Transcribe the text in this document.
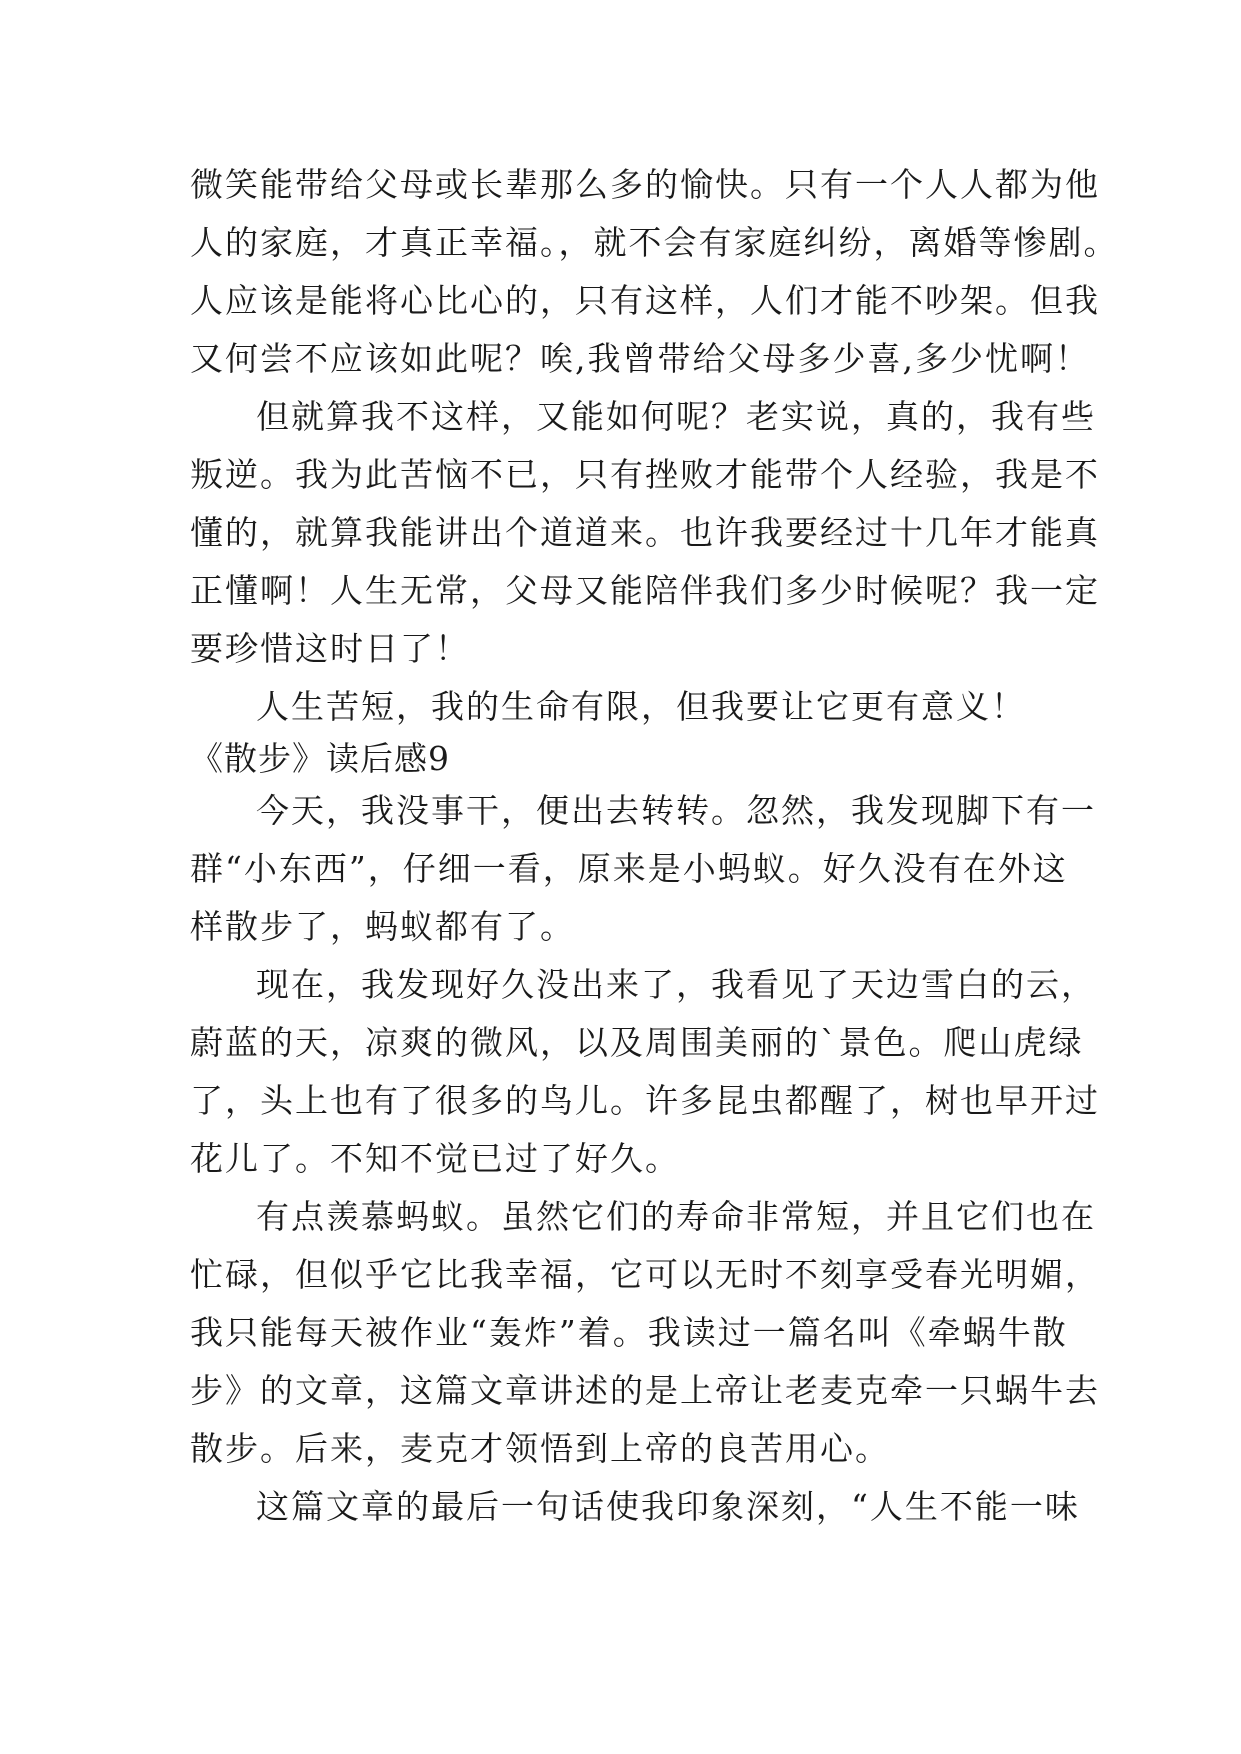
微笑能带给父母或长辈那么多的愉快。只有一个人人都为他
人的家庭，才真正幸福。，就不会有家庭纠纷，离婚等惨剧。
人应该是能将心比心的，只有这样，人们才能不吵架。但我
又何尝不应该如此呢？唉,我曾带给父母多少喜,多少忧啊！
但就算我不这样，又能如何呢？老实说，真的，我有些
叛逆。我为此苦恼不已，只有挫败才能带个人经验，我是不
懂的，就算我能讲出个道道来。也许我要经过十几年才能真
正懂啊！人生无常，父母又能陪伴我们多少时候呢？我一定
要珍惜这时日了！
人生苦短，我的生命有限，但我要让它更有意义！
《散步》读后感9
今天，我没事干，便出去转转。忽然，我发现脚下有一
群“小东西”，仔细一看，原来是小蚂蚁。好久没有在外这
样散步了，蚂蚁都有了。
现在，我发现好久没出来了，我看见了天边雪白的云，
蔚蓝的天，凉爽的微风，以及周围美丽的`景色。爬山虎绿
了，头上也有了很多的鸟儿。许多昆虫都醒了，树也早开过
花儿了。不知不觉已过了好久。
有点羡慕蚂蚁。虽然它们的寿命非常短，并且它们也在
忙碌，但似乎它比我幸福，它可以无时不刻享受春光明媚，
我只能每天被作业“轰炸”着。我读过一篇名叫《牵蜗牛散
步》的文章，这篇文章讲述的是上帝让老麦克牵一只蜗牛去
散步。后来，麦克才领悟到上帝的良苦用心。
这篇文章的最后一句话使我印象深刻，“人生不能一味
